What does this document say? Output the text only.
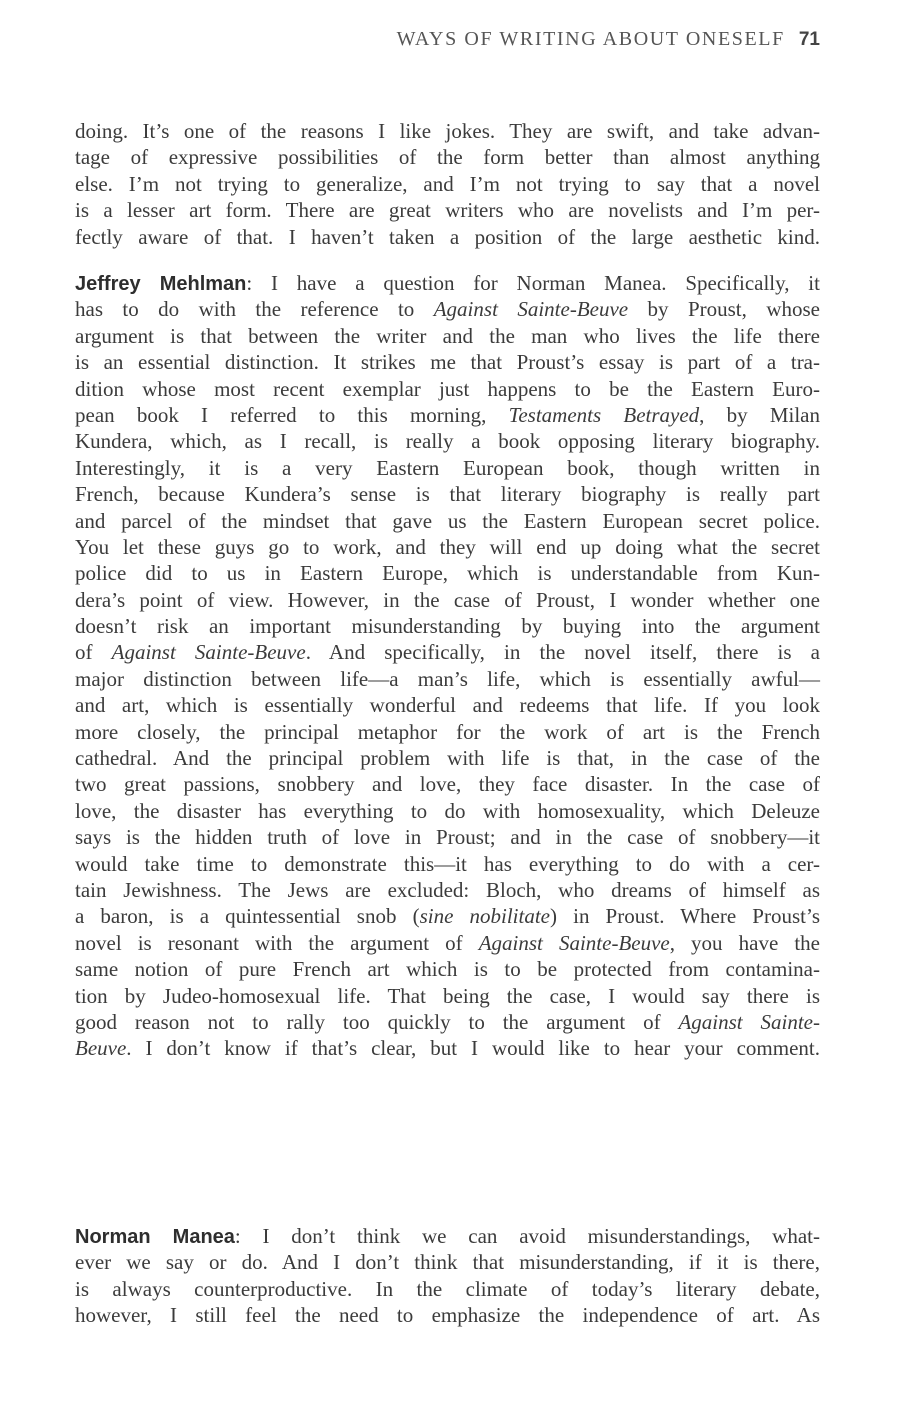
WAYS OF WRITING ABOUT ONESELF 71
doing. It’s one of the reasons I like jokes. They are swift, and take advan-
tage of expressive possibilities of the form better than almost anything
else. I’m not trying to generalize, and I’m not trying to say that a novel
is a lesser art form. There are great writers who are novelists and I’m per-
fectly aware of that. I haven’t taken a position of the large aesthetic kind.
Jeffrey Mehlman: I have a question for Norman Manea. Specifically, it
has to do with the reference to Against Sainte-Beuve by Proust, whose
argument is that between the writer and the man who lives the life there
is an essential distinction. It strikes me that Proust’s essay is part of a tra-
dition whose most recent exemplar just happens to be the Eastern Euro-
pean book I referred to this morning, Testaments Betrayed, by Milan
Kundera, which, as I recall, is really a book opposing literary biography.
Interestingly, it is a very Eastern European book, though written in
French, because Kundera’s sense is that literary biography is really part
and parcel of the mindset that gave us the Eastern European secret police.
You let these guys go to work, and they will end up doing what the secret
police did to us in Eastern Europe, which is understandable from Kun-
dera’s point of view. However, in the case of Proust, I wonder whether one
doesn’t risk an important misunderstanding by buying into the argument
of Against Sainte-Beuve. And specifically, in the novel itself, there is a
major distinction between life—a man’s life, which is essentially awful—
and art, which is essentially wonderful and redeems that life. If you look
more closely, the principal metaphor for the work of art is the French
cathedral. And the principal problem with life is that, in the case of the
two great passions, snobbery and love, they face disaster. In the case of
love, the disaster has everything to do with homosexuality, which Deleuze
says is the hidden truth of love in Proust; and in the case of snobbery—it
would take time to demonstrate this—it has everything to do with a cer-
tain Jewishness. The Jews are excluded: Bloch, who dreams of himself as
a baron, is a quintessential snob (sine nobilitate) in Proust. Where Proust’s
novel is resonant with the argument of Against Sainte-Beuve, you have the
same notion of pure French art which is to be protected from contamina-
tion by Judeo-homosexual life. That being the case, I would say there is
good reason not to rally too quickly to the argument of Against Sainte-
Beuve. I don’t know if that’s clear, but I would like to hear your comment.
Norman Manea: I don’t think we can avoid misunderstandings, what-
ever we say or do. And I don’t think that misunderstanding, if it is there,
is always counterproductive. In the climate of today’s literary debate,
however, I still feel the need to emphasize the independence of art. As
